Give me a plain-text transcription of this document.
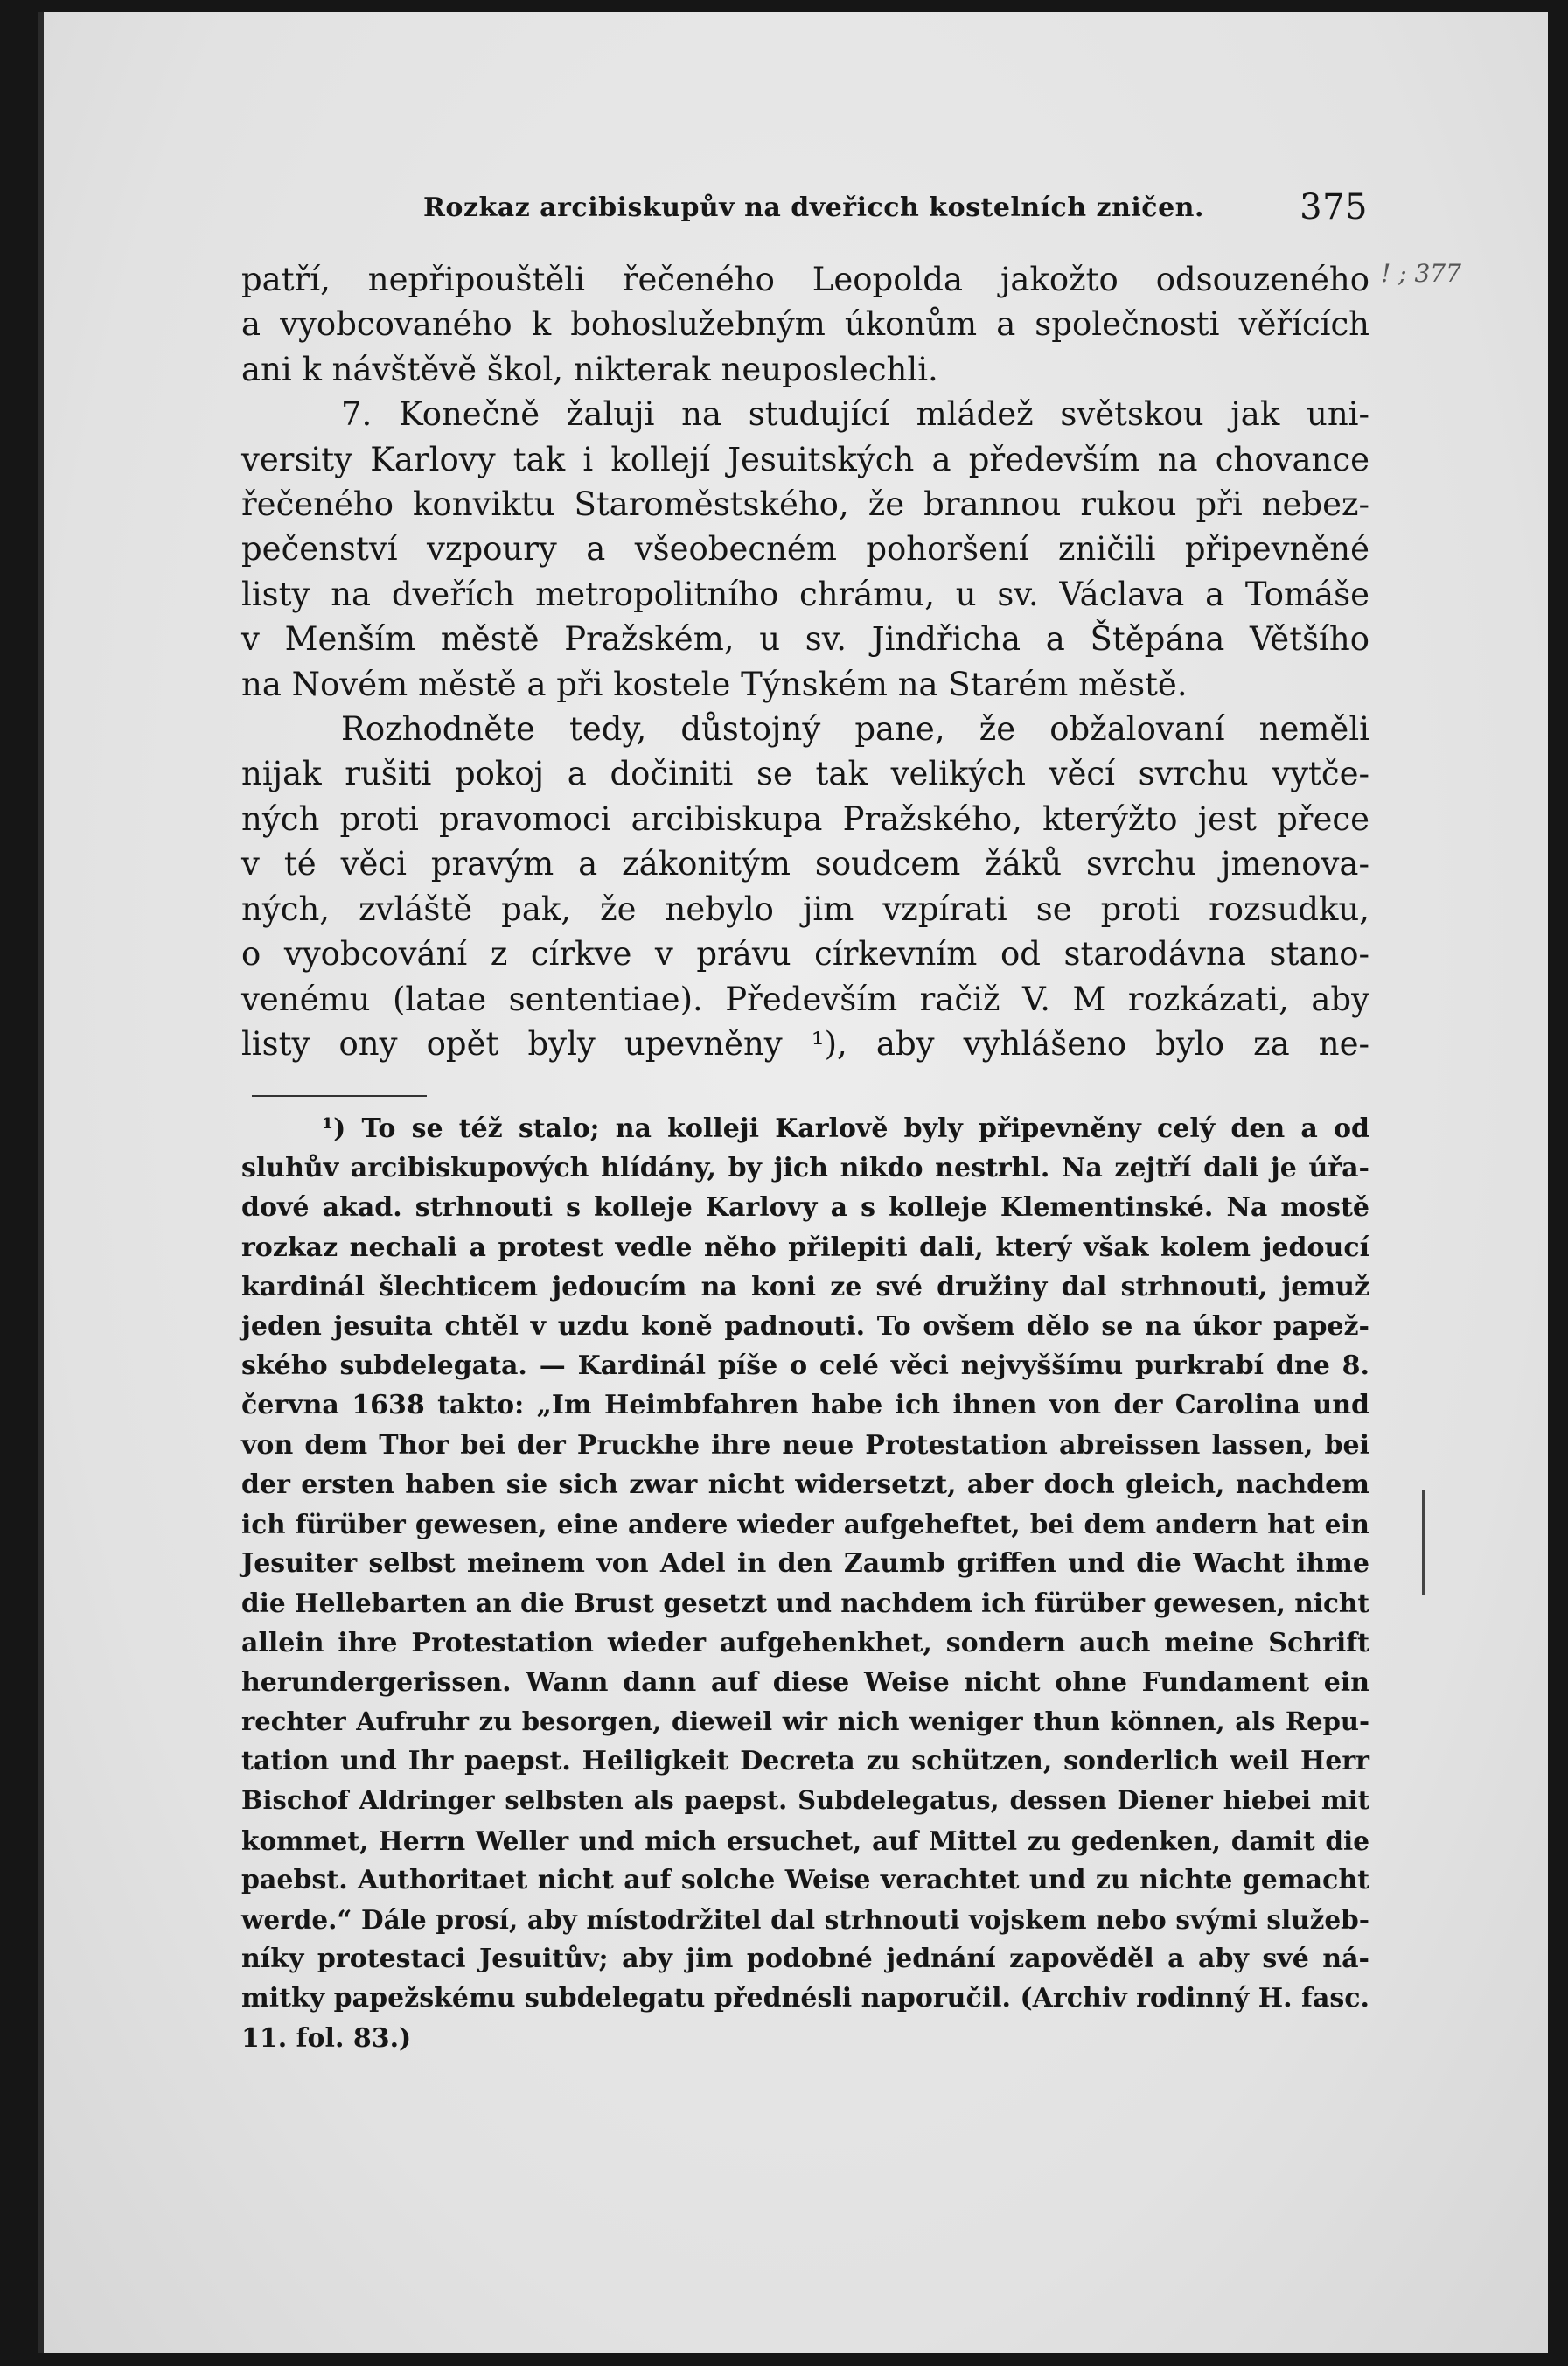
Rozkaz arcibiskupův na dveřicch kostelních zničen.	375
! ; 377
patří, nepřipouštěli řečeného Leopolda jakožto odsouzeného
a vyobcovaného k bohoslužebným úkonům a společnosti věřících
ani k návštěvě škol, nikterak neuposlechli.
7. Konečně žaluji na studující mládež světskou jak uni-
versity Karlovy tak i kollejí Jesuitských a především na chovance
řečeného konviktu Staroměstského, že brannou rukou při nebez-
pečenství vzpoury a všeobecném pohoršení zničili připevněné
listy na dveřích metropolitního chrámu, u sv. Václava a Tomáše
v Menším městě Pražském, u sv. Jindřicha a Štěpána Většího
na Novém městě a při kostele Týnském na Starém městě.
Rozhodněte tedy, důstojný pane, že obžalovaní neměli
nijak rušiti pokoj a dočiniti se tak velikých věcí svrchu vytče-
ných proti pravomoci arcibiskupa Pražského, kterýžto jest přece
v té věci pravým a zákonitým soudcem žáků svrchu jmenova-
ných, zvláště pak, že nebylo jim vzpírati se proti rozsudku,
o vyobcování z církve v právu církevním od starodávna stano-
venému (latae sententiae). Především račiž V. M rozkázati, aby
listy ony opět byly upevněny ¹), aby vyhlášeno bylo za ne-
¹) To se též stalo; na kolleji Karlově byly připevněny celý den a od
sluhův arcibiskupových hlídány, by jich nikdo nestrhl. Na zejtří dali je úřa-
dové akad. strhnouti s kolleje Karlovy a s kolleje Klementinské. Na mostě
rozkaz nechali a protest vedle něho přilepiti dali, který však kolem jedoucí
kardinál šlechticem jedoucím na koni ze své družiny dal strhnouti, jemuž
jeden jesuita chtěl v uzdu koně padnouti. To ovšem dělo se na úkor papež-
ského subdelegata. — Kardinál píše o celé věci nejvyššímu purkrabí dne 8.
června 1638 takto: „Im Heimbfahren habe ich ihnen von der Carolina und
von dem Thor bei der Pruckhe ihre neue Protestation abreissen lassen, bei
der ersten haben sie sich zwar nicht widersetzt, aber doch gleich, nachdem
ich fürüber gewesen, eine andere wieder aufgeheftet, bei dem andern hat ein
Jesuiter selbst meinem von Adel in den Zaumb griffen und die Wacht ihme
die Hellebarten an die Brust gesetzt und nachdem ich fürüber gewesen, nicht
allein ihre Protestation wieder aufgehenkhet, sondern auch meine Schrift
herundergerissen. Wann dann auf diese Weise nicht ohne Fundament ein
rechter Aufruhr zu besorgen, dieweil wir nich weniger thun können, als Repu-
tation und Ihr paepst. Heiligkeit Decreta zu schützen, sonderlich weil Herr
Bischof Aldringer selbsten als paepst. Subdelegatus, dessen Diener hiebei mit
kommet, Herrn Weller und mich ersuchet, auf Mittel zu gedenken, damit die
paebst. Authoritaet nicht auf solche Weise verachtet und zu nichte gemacht
werde.“ Dále prosí, aby místodržitel dal strhnouti vojskem nebo svými služeb-
níky protestaci Jesuitův; aby jim podobné jednání zapověděl a aby své ná-
mitky papežskému subdelegatu přednésli naporučil. (Archiv rodinný H. fasc.
11. fol. 83.)
